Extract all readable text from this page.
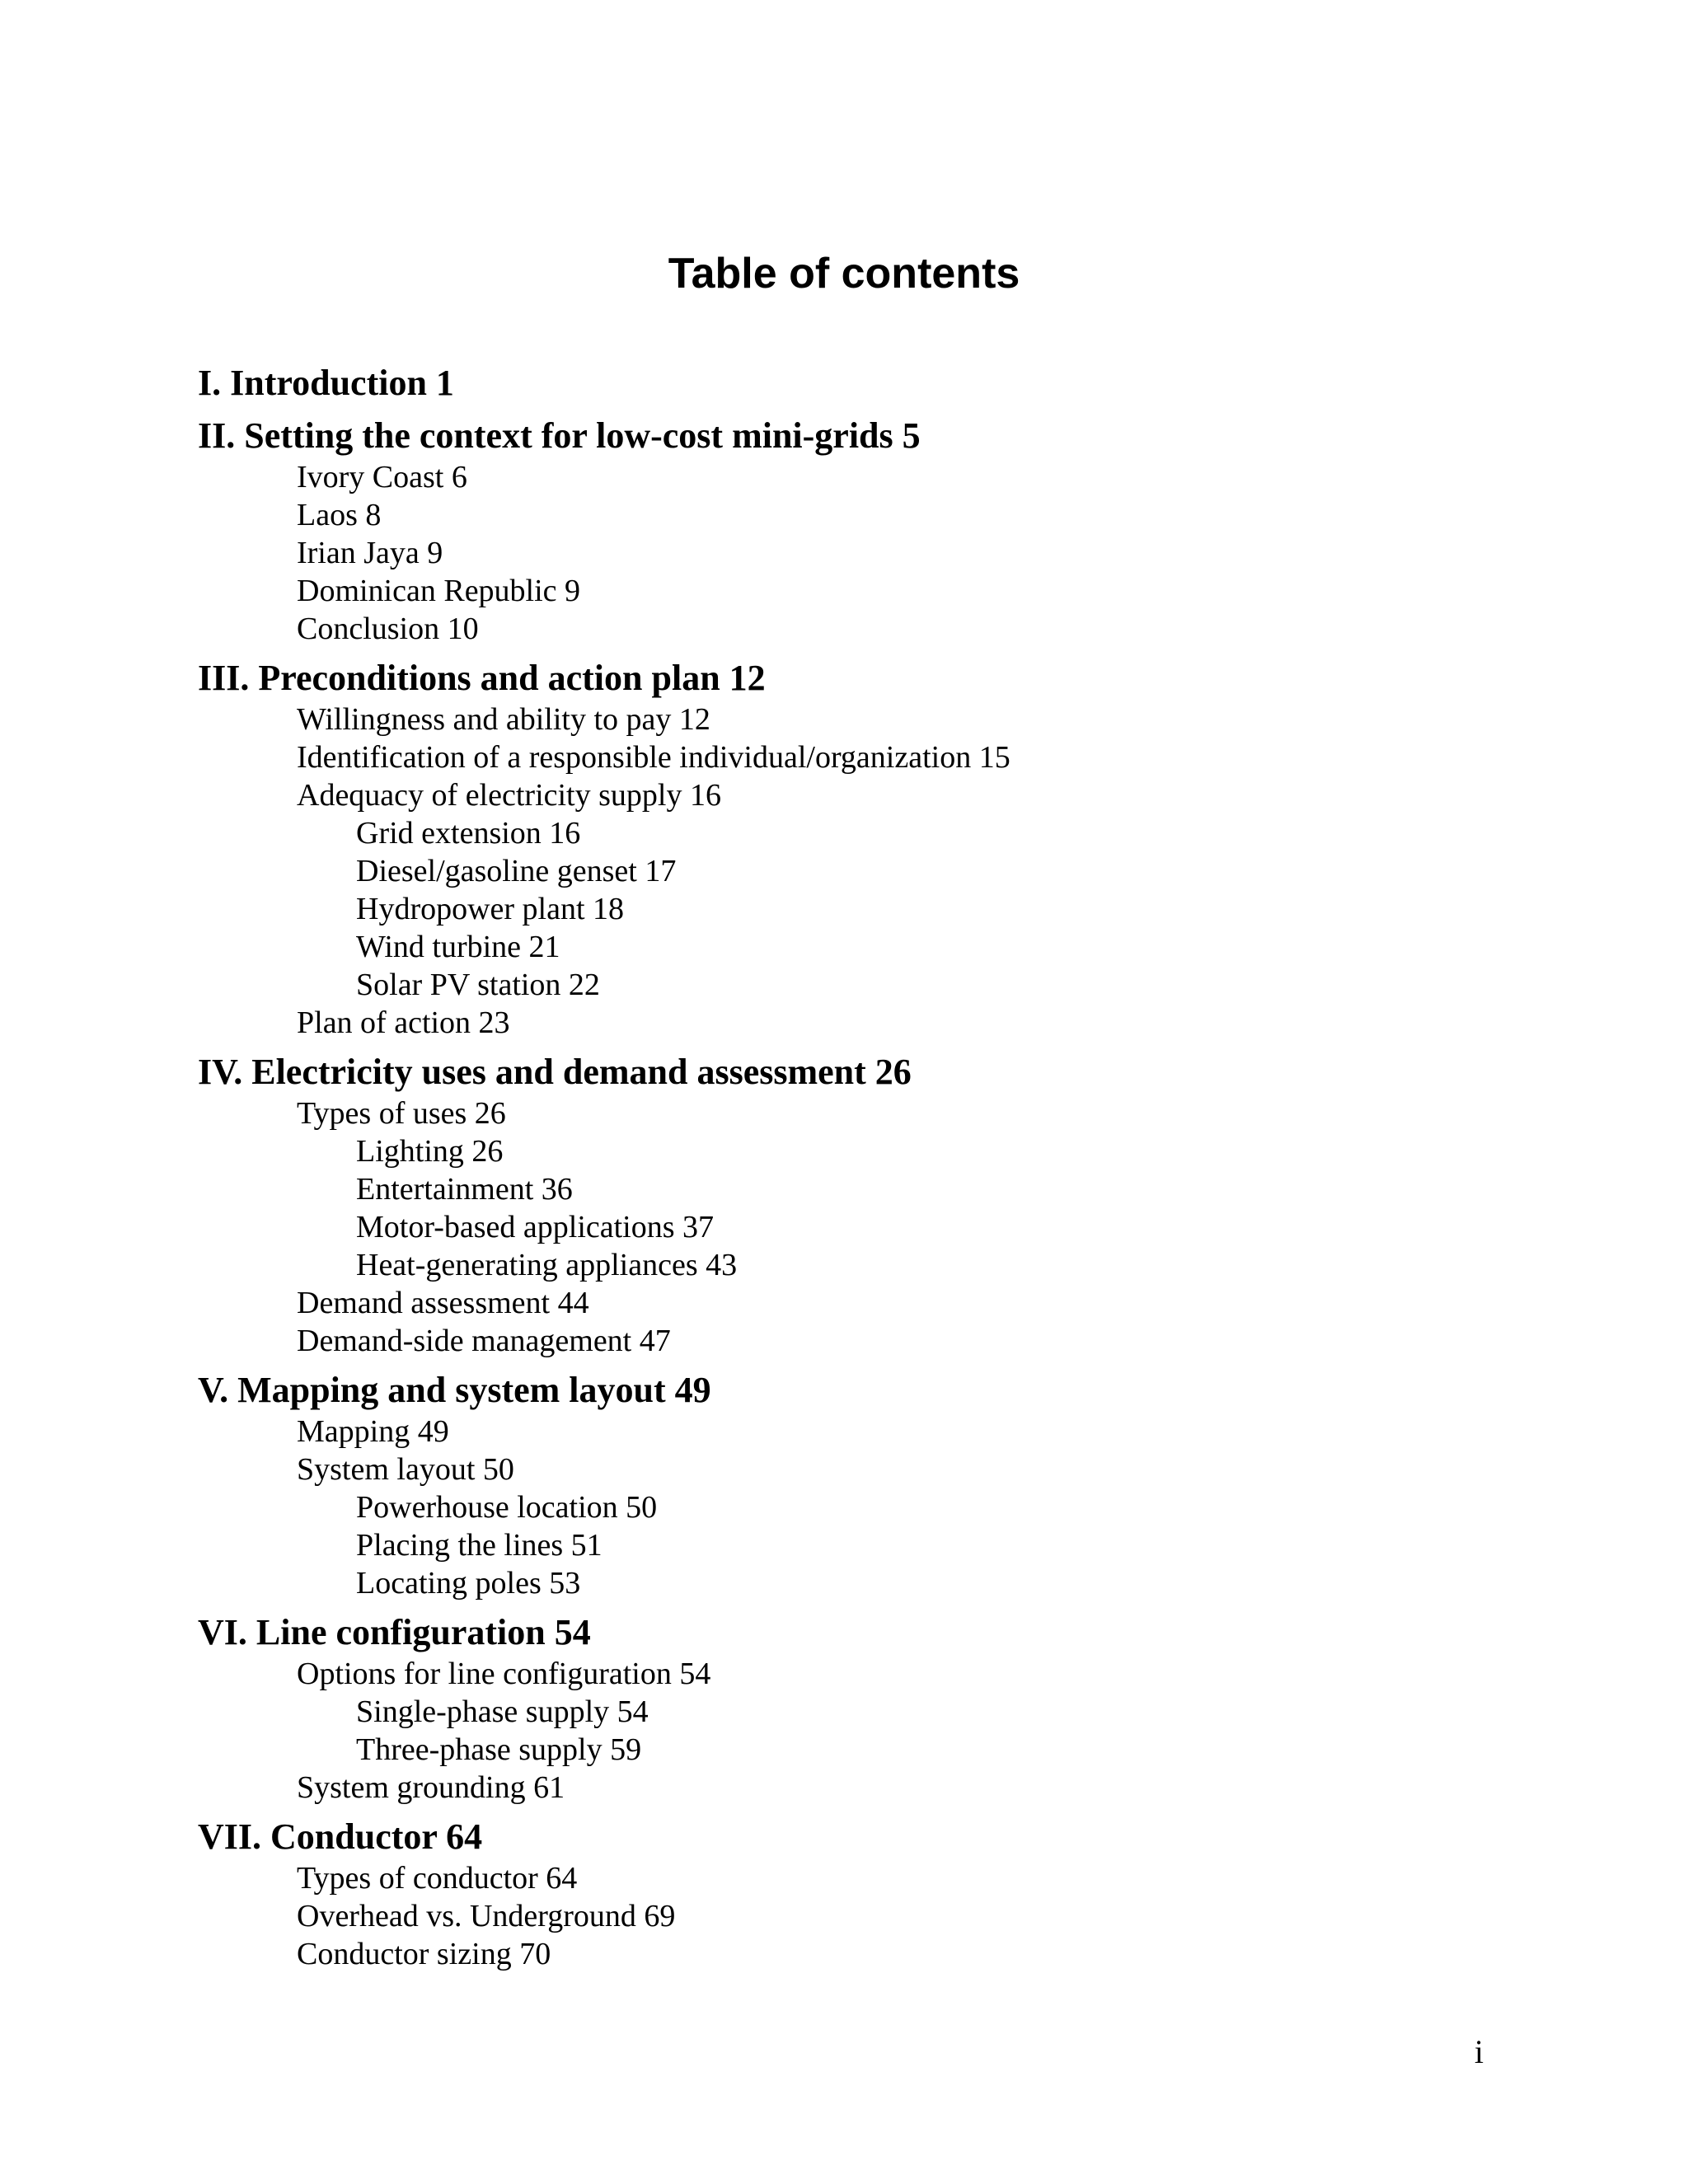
Table of contents
I. Introduction 1
II. Setting the context for low-cost mini-grids 5
Ivory Coast 6
Laos 8
Irian Jaya 9
Dominican Republic 9
Conclusion 10
III. Preconditions and action plan 12
Willingness and ability to pay 12
Identification of a responsible individual/organization 15
Adequacy of electricity supply 16
Grid extension 16
Diesel/gasoline genset 17
Hydropower plant 18
Wind turbine 21
Solar PV station 22
Plan of action 23
IV. Electricity uses and demand assessment 26
Types of uses 26
Lighting 26
Entertainment 36
Motor-based applications 37
Heat-generating appliances 43
Demand assessment 44
Demand-side management 47
V. Mapping and system layout 49
Mapping 49
System layout 50
Powerhouse location 50
Placing the lines 51
Locating poles 53
VI. Line configuration 54
Options for line configuration 54
Single-phase supply 54
Three-phase supply 59
System grounding 61
VII. Conductor 64
Types of conductor 64
Overhead vs. Underground 69
Conductor sizing 70
i
